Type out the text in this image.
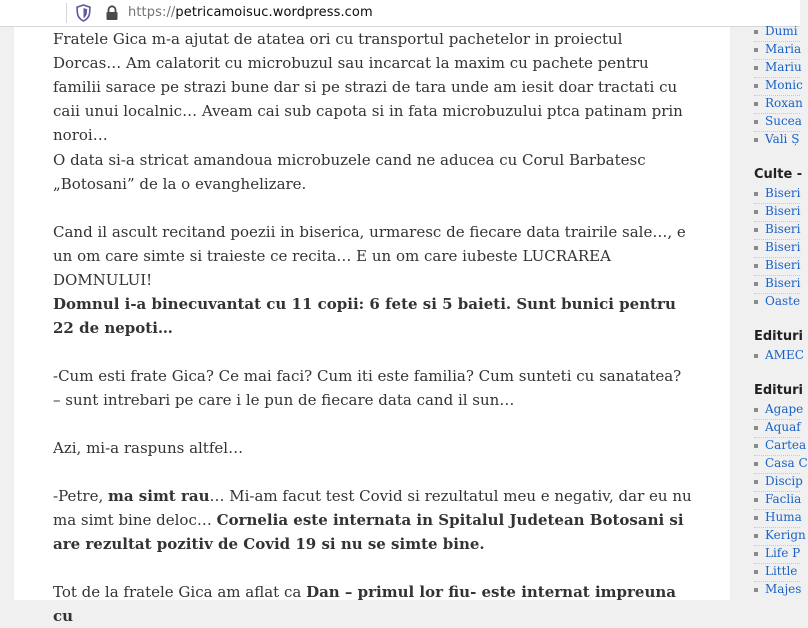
https://petricamoisuc.wordpress.com

Fratele Gica m-a ajutat de atatea ori cu transportul pachetelor in proiectul Dorcas… Am calatorit cu microbuzul sau incarcat la maxim cu pachete pentru familii sarace pe strazi bune dar si pe strazi de tara unde am iesit doar tractati cu caii unui localnic… Aveam cai sub capota si in fata microbuzului ptca patinam prin noroi…

O data si-a stricat amandoua microbuzele cand ne aducea cu Corul Barbatesc „Botosani” de la o evanghelizare.

Cand il ascult recitand poezii in biserica, urmaresc de fiecare data trairile sale…, e un om care simte si traieste ce recita… E un om care iubeste LUCRAREA DOMNULUI!

Domnul i-a binecuvantat cu 11 copii: 6 fete si 5 baieti. Sunt bunici pentru 22 de nepoti…

-Cum esti frate Gica? Ce mai faci? Cum iti este familia? Cum sunteti cu sanatatea? – sunt intrebari pe care i le pun de fiecare data cand il sun…

Azi, mi-a raspuns altfel…

-Petre, ma simt rau… Mi-am facut test Covid si rezultatul meu e negativ, dar eu nu ma simt bine deloc… Cornelia este internata in Spitalul Judetean Botosani si are rezultat pozitiv de Covid 19 si nu se simte bine.

Tot de la fratele Gica am aflat ca Dan – primul lor fiu- este internat impreuna cu

Dumi
Maria
Mariu
Monic
Roxan
Sucea
Vali Ș
Culte -
Biseri
Biseri
Biseri
Biseri
Biseri
Biseri
Oaste
Edituri
AMEC
Edituri
Agape
Aquaf
Cartea
Casa C
Discip
Faclia
Huma
Kerign
Life P
Little
Majes
